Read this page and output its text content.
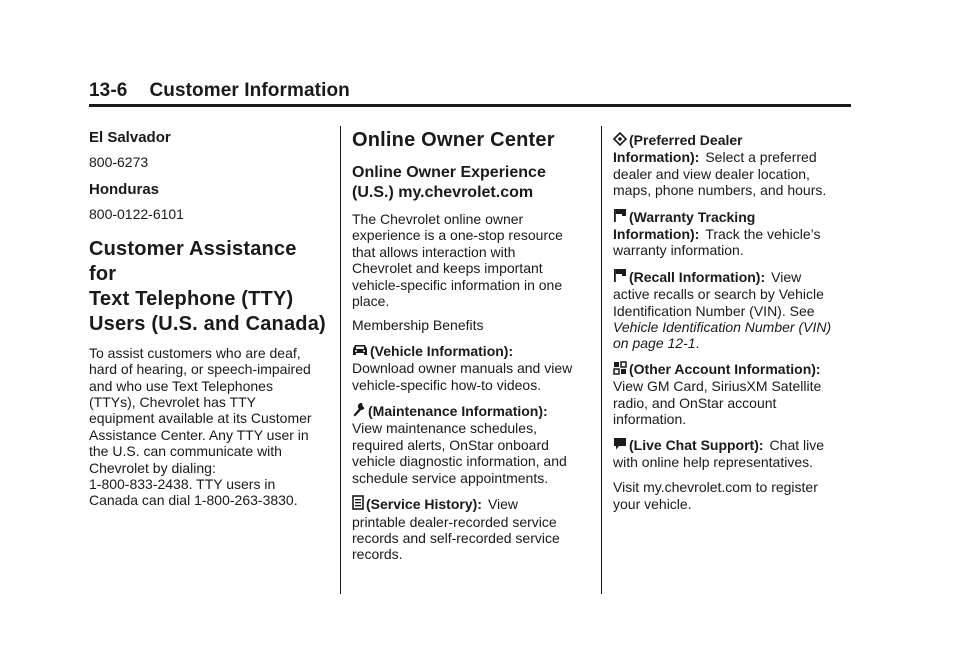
13-6 Customer Information
El Salvador
800-6273
Honduras
800-0122-6101
Customer Assistance for
Text Telephone (TTY)
Users (U.S. and Canada)
To assist customers who are deaf,
hard of hearing, or speech-impaired
and who use Text Telephones
(TTYs), Chevrolet has TTY
equipment available at its Customer
Assistance Center. Any TTY user in
the U.S. can communicate with
Chevrolet by dialing:
1-800-833-2438. TTY users in
Canada can dial 1-800-263-3830.
Online Owner Center
Online Owner Experience
(U.S.) my.chevrolet.com
The Chevrolet online owner
experience is a one-stop resource
that allows interaction with
Chevrolet and keeps important
vehicle-specific information in one
place.
Membership Benefits
(Vehicle Information):
Download owner manuals and view
vehicle-specific how-to videos.
(Maintenance Information):
View maintenance schedules,
required alerts, OnStar onboard
vehicle diagnostic information, and
schedule service appointments.
(Service History): View
printable dealer-recorded service
records and self-recorded service
records.
(Preferred Dealer
Information): Select a preferred
dealer and view dealer location,
maps, phone numbers, and hours.
(Warranty Tracking
Information): Track the vehicle’s
warranty information.
(Recall Information): View
active recalls or search by Vehicle
Identification Number (VIN). See
Vehicle Identification Number (VIN)
on page 12-1.
(Other Account Information):
View GM Card, SiriusXM Satellite
radio, and OnStar account
information.
(Live Chat Support): Chat live
with online help representatives.
Visit my.chevrolet.com to register
your vehicle.
